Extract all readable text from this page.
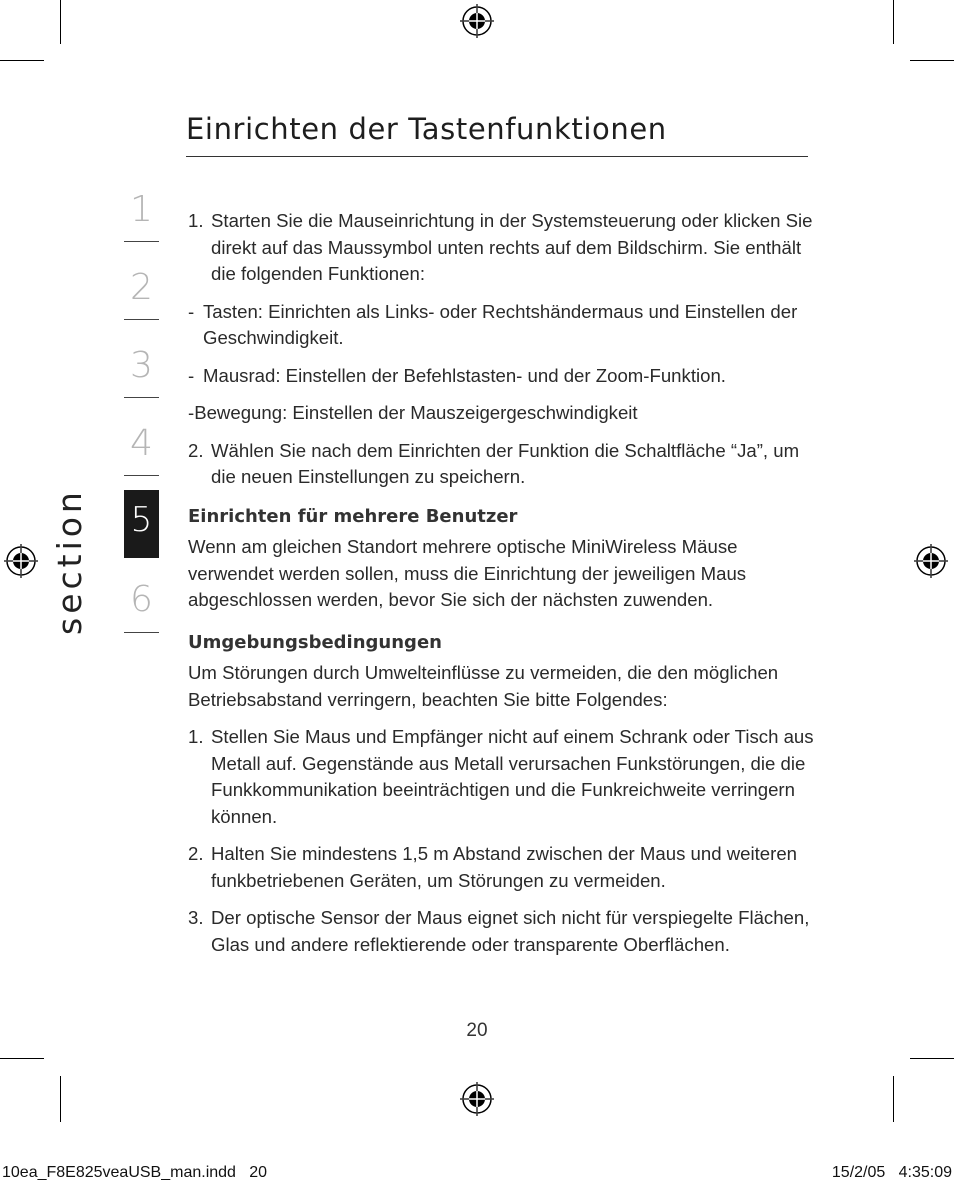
Einrichten der Tastenfunktionen
1
2
3
4
5
6
section
1. Starten Sie die Mauseinrichtung in der Systemsteuerung oder klicken Sie direkt auf das Maussymbol unten rechts auf dem Bildschirm. Sie enthält die folgenden Funktionen:
- Tasten: Einrichten als Links- oder Rechtshändermaus und Einstellen der Geschwindigkeit.
- Mausrad: Einstellen der Befehlstasten- und der Zoom-Funktion.

-Bewegung: Einstellen der Mauszeigergeschwindigkeit

2. Wählen Sie nach dem Einrichten der Funktion die Schaltfläche “Ja”, um die neuen Einstellungen zu speichern.
Einrichten für mehrere Benutzer

Wenn am gleichen Standort mehrere optische MiniWireless Mäuse verwendet werden sollen, muss die Einrichtung der jeweiligen Maus abgeschlossen werden, bevor Sie sich der nächsten zuwenden.

Umgebungsbedingungen

Um Störungen durch Umwelteinflüsse zu vermeiden, die den möglichen Betriebsabstand verringern, beachten Sie bitte Folgendes:

1. Stellen Sie Maus und Empfänger nicht auf einem Schrank oder Tisch aus Metall auf. Gegenstände aus Metall verursachen Funkstörungen, die die Funkkommunikation beeinträchtigen und die Funkreichweite verringern können.
2. Halten Sie mindestens 1,5 m Abstand zwischen der Maus und weiteren funkbetriebenen Geräten, um Störungen zu vermeiden.
3. Der optische Sensor der Maus eignet sich nicht für verspiegelte Flächen, Glas und andere reflektierende oder transparente Oberflächen.
20
10ea_F8E825veaUSB_man.indd   20	15/2/05   4:35:09
